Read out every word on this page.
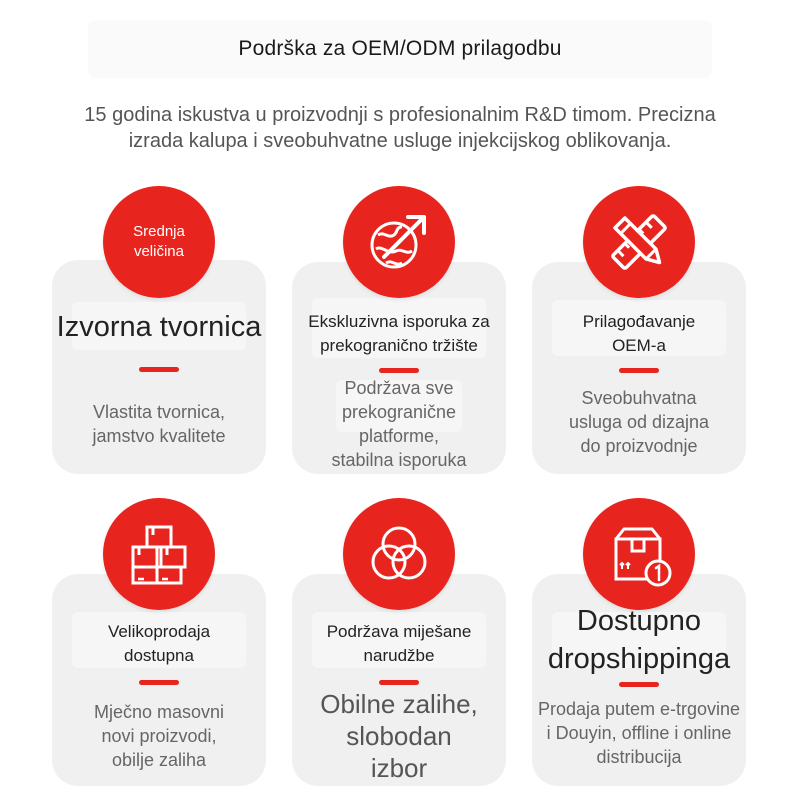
Podrška za OEM/ODM prilagodbu
15 godina iskustva u proizvodnji s profesionalnim R&D timom. Precizna
izrada kalupa i sveobuhvatne usluge injekcijskog oblikovanja.
Srednja
veličina
Izvorna tvornica
Vlastita tvornica,
jamstvo kvalitete
Ekskluzivna isporuka za
prekogranično tržište
Podržava sve
prekogranične
platforme,
stabilna isporuka
Prilagođavanje
OEM-a
Sveobuhvatna
usluga od dizajna
do proizvodnje
Velikoprodaja
dostupna
Mječno masovni
novi proizvodi,
obilje zaliha
Podržava miješane
narudžbe
Obilne zalihe,
slobodan
izbor
Dostupno
dropshippinga
Prodaja putem e-trgovine
i Douyin, offline i online
distribucija
